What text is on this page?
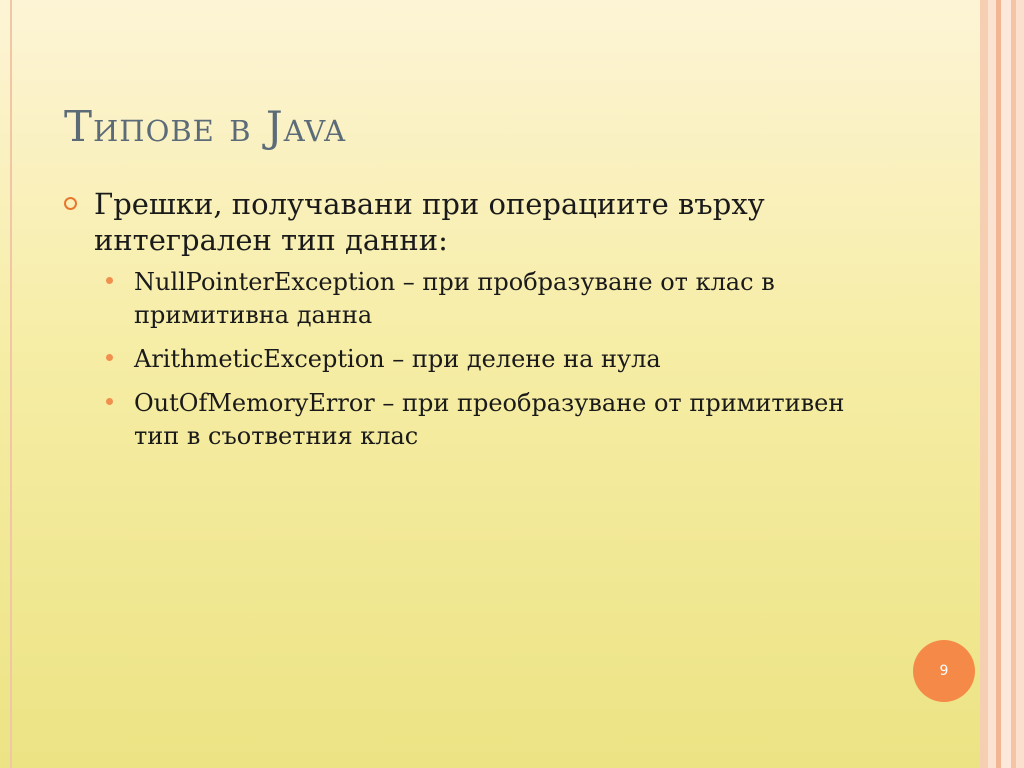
Типове в Java
Грешки, получавани при операциите върху интегрален тип данни:
NullPointerException – при пробразуване от клас в примитивна данна
ArithmeticException – при делене на нула
OutOfMemoryError – при преобразуване от примитивен тип в съответния клас
9
